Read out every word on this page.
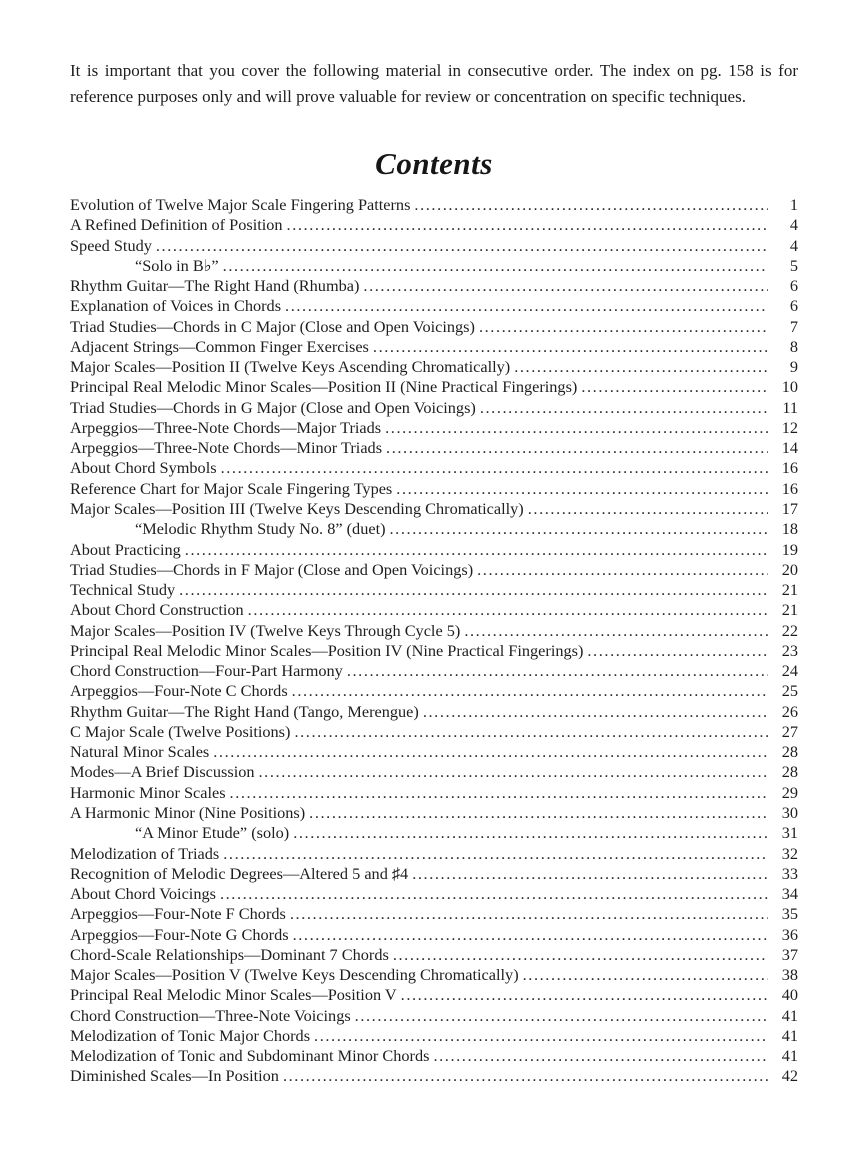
It is important that you cover the following material in consecutive order. The index on pg. 158 is for
reference purposes only and will prove valuable for review or concentration on specific techniques.

Contents
Evolution of Twelve Major Scale Fingering Patterns .....	1
A Refined Definition of Position .....	4
Speed Study .....	4
“Solo in B♭” .....	5
Rhythm Guitar—The Right Hand (Rhumba) .....	6
Explanation of Voices in Chords .....	6
Triad Studies—Chords in C Major (Close and Open Voicings) .....	7
Adjacent Strings—Common Finger Exercises .....	8
Major Scales—Position II (Twelve Keys Ascending Chromatically) .....	9
Principal Real Melodic Minor Scales—Position II (Nine Practical Fingerings) .....	10
Triad Studies—Chords in G Major (Close and Open Voicings) .....	11
Arpeggios—Three-Note Chords—Major Triads .....	12
Arpeggios—Three-Note Chords—Minor Triads .....	14
About Chord Symbols .....	16
Reference Chart for Major Scale Fingering Types .....	16
Major Scales—Position III (Twelve Keys Descending Chromatically) .....	17
“Melodic Rhythm Study No. 8” (duet) .....	18
About Practicing .....	19
Triad Studies—Chords in F Major (Close and Open Voicings) .....	20
Technical Study .....	21
About Chord Construction .....	21
Major Scales—Position IV (Twelve Keys Through Cycle 5) .....	22
Principal Real Melodic Minor Scales—Position IV (Nine Practical Fingerings) .....	23
Chord Construction—Four-Part Harmony .....	24
Arpeggios—Four-Note C Chords .....	25
Rhythm Guitar—The Right Hand (Tango, Merengue) .....	26
C Major Scale (Twelve Positions) .....	27
Natural Minor Scales .....	28
Modes—A Brief Discussion .....	28
Harmonic Minor Scales .....	29
A Harmonic Minor (Nine Positions) .....	30
“A Minor Etude” (solo) .....	31
Melodization of Triads .....	32
Recognition of Melodic Degrees—Altered 5 and ♯4 .....	33
About Chord Voicings .....	34
Arpeggios—Four-Note F Chords .....	35
Arpeggios—Four-Note G Chords .....	36
Chord-Scale Relationships—Dominant 7 Chords .....	37
Major Scales—Position V (Twelve Keys Descending Chromatically) .....	38
Principal Real Melodic Minor Scales—Position V .....	40
Chord Construction—Three-Note Voicings .....	41
Melodization of Tonic Major Chords .....	41
Melodization of Tonic and Subdominant Minor Chords .....	41
Diminished Scales—In Position .....	42
